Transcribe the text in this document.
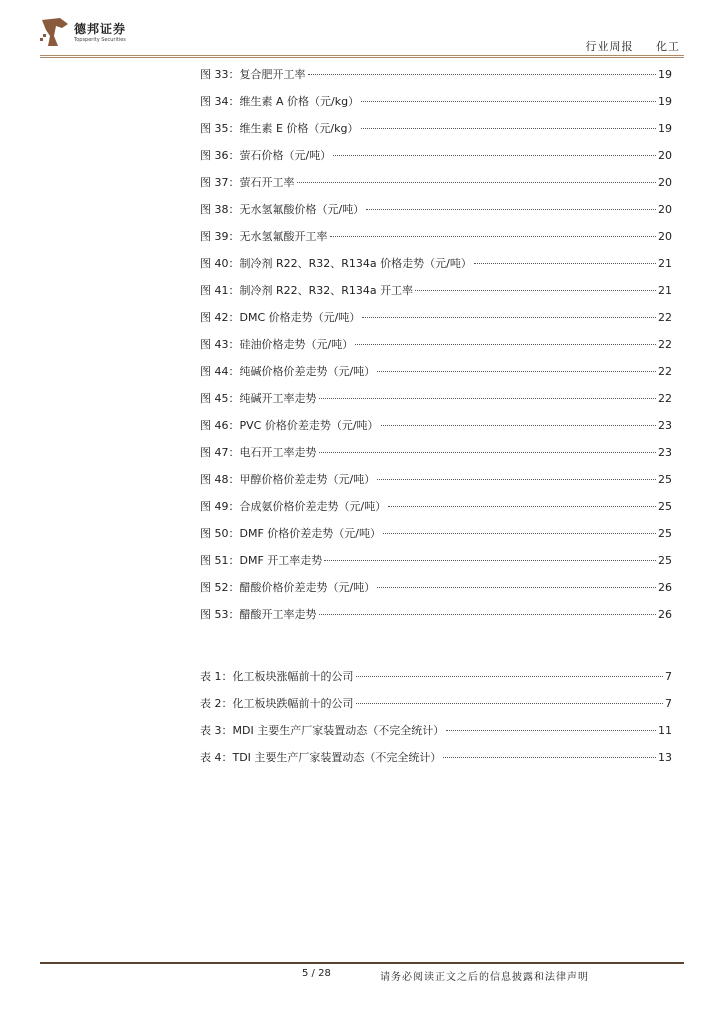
德邦证券
Topsperity Securities	行业周报 化工
图 33：复合肥开工率	19
图 34：维生素 A 价格（元/kg）	19
图 35：维生素 E 价格（元/kg）	19
图 36：萤石价格（元/吨）	20
图 37：萤石开工率	20
图 38：无水氢氟酸价格（元/吨）	20
图 39：无水氢氟酸开工率	20
图 40：制冷剂 R22、R32、R134a 价格走势（元/吨）	21
图 41：制冷剂 R22、R32、R134a 开工率	21
图 42：DMC 价格走势（元/吨）	22
图 43：硅油价格走势（元/吨）	22
图 44：纯碱价格价差走势（元/吨）	22
图 45：纯碱开工率走势	22
图 46：PVC 价格价差走势（元/吨）	23
图 47：电石开工率走势	23
图 48：甲醇价格价差走势（元/吨）	25
图 49：合成氨价格价差走势（元/吨）	25
图 50：DMF 价格价差走势（元/吨）	25
图 51：DMF 开工率走势	25
图 52：醋酸价格价差走势（元/吨）	26
图 53：醋酸开工率走势	26
表 1：化工板块涨幅前十的公司	7
表 2：化工板块跌幅前十的公司	7
表 3：MDI 主要生产厂家装置动态（不完全统计）	11
表 4：TDI 主要生产厂家装置动态（不完全统计）	13
5 / 28	请务必阅读正文之后的信息披露和法律声明
